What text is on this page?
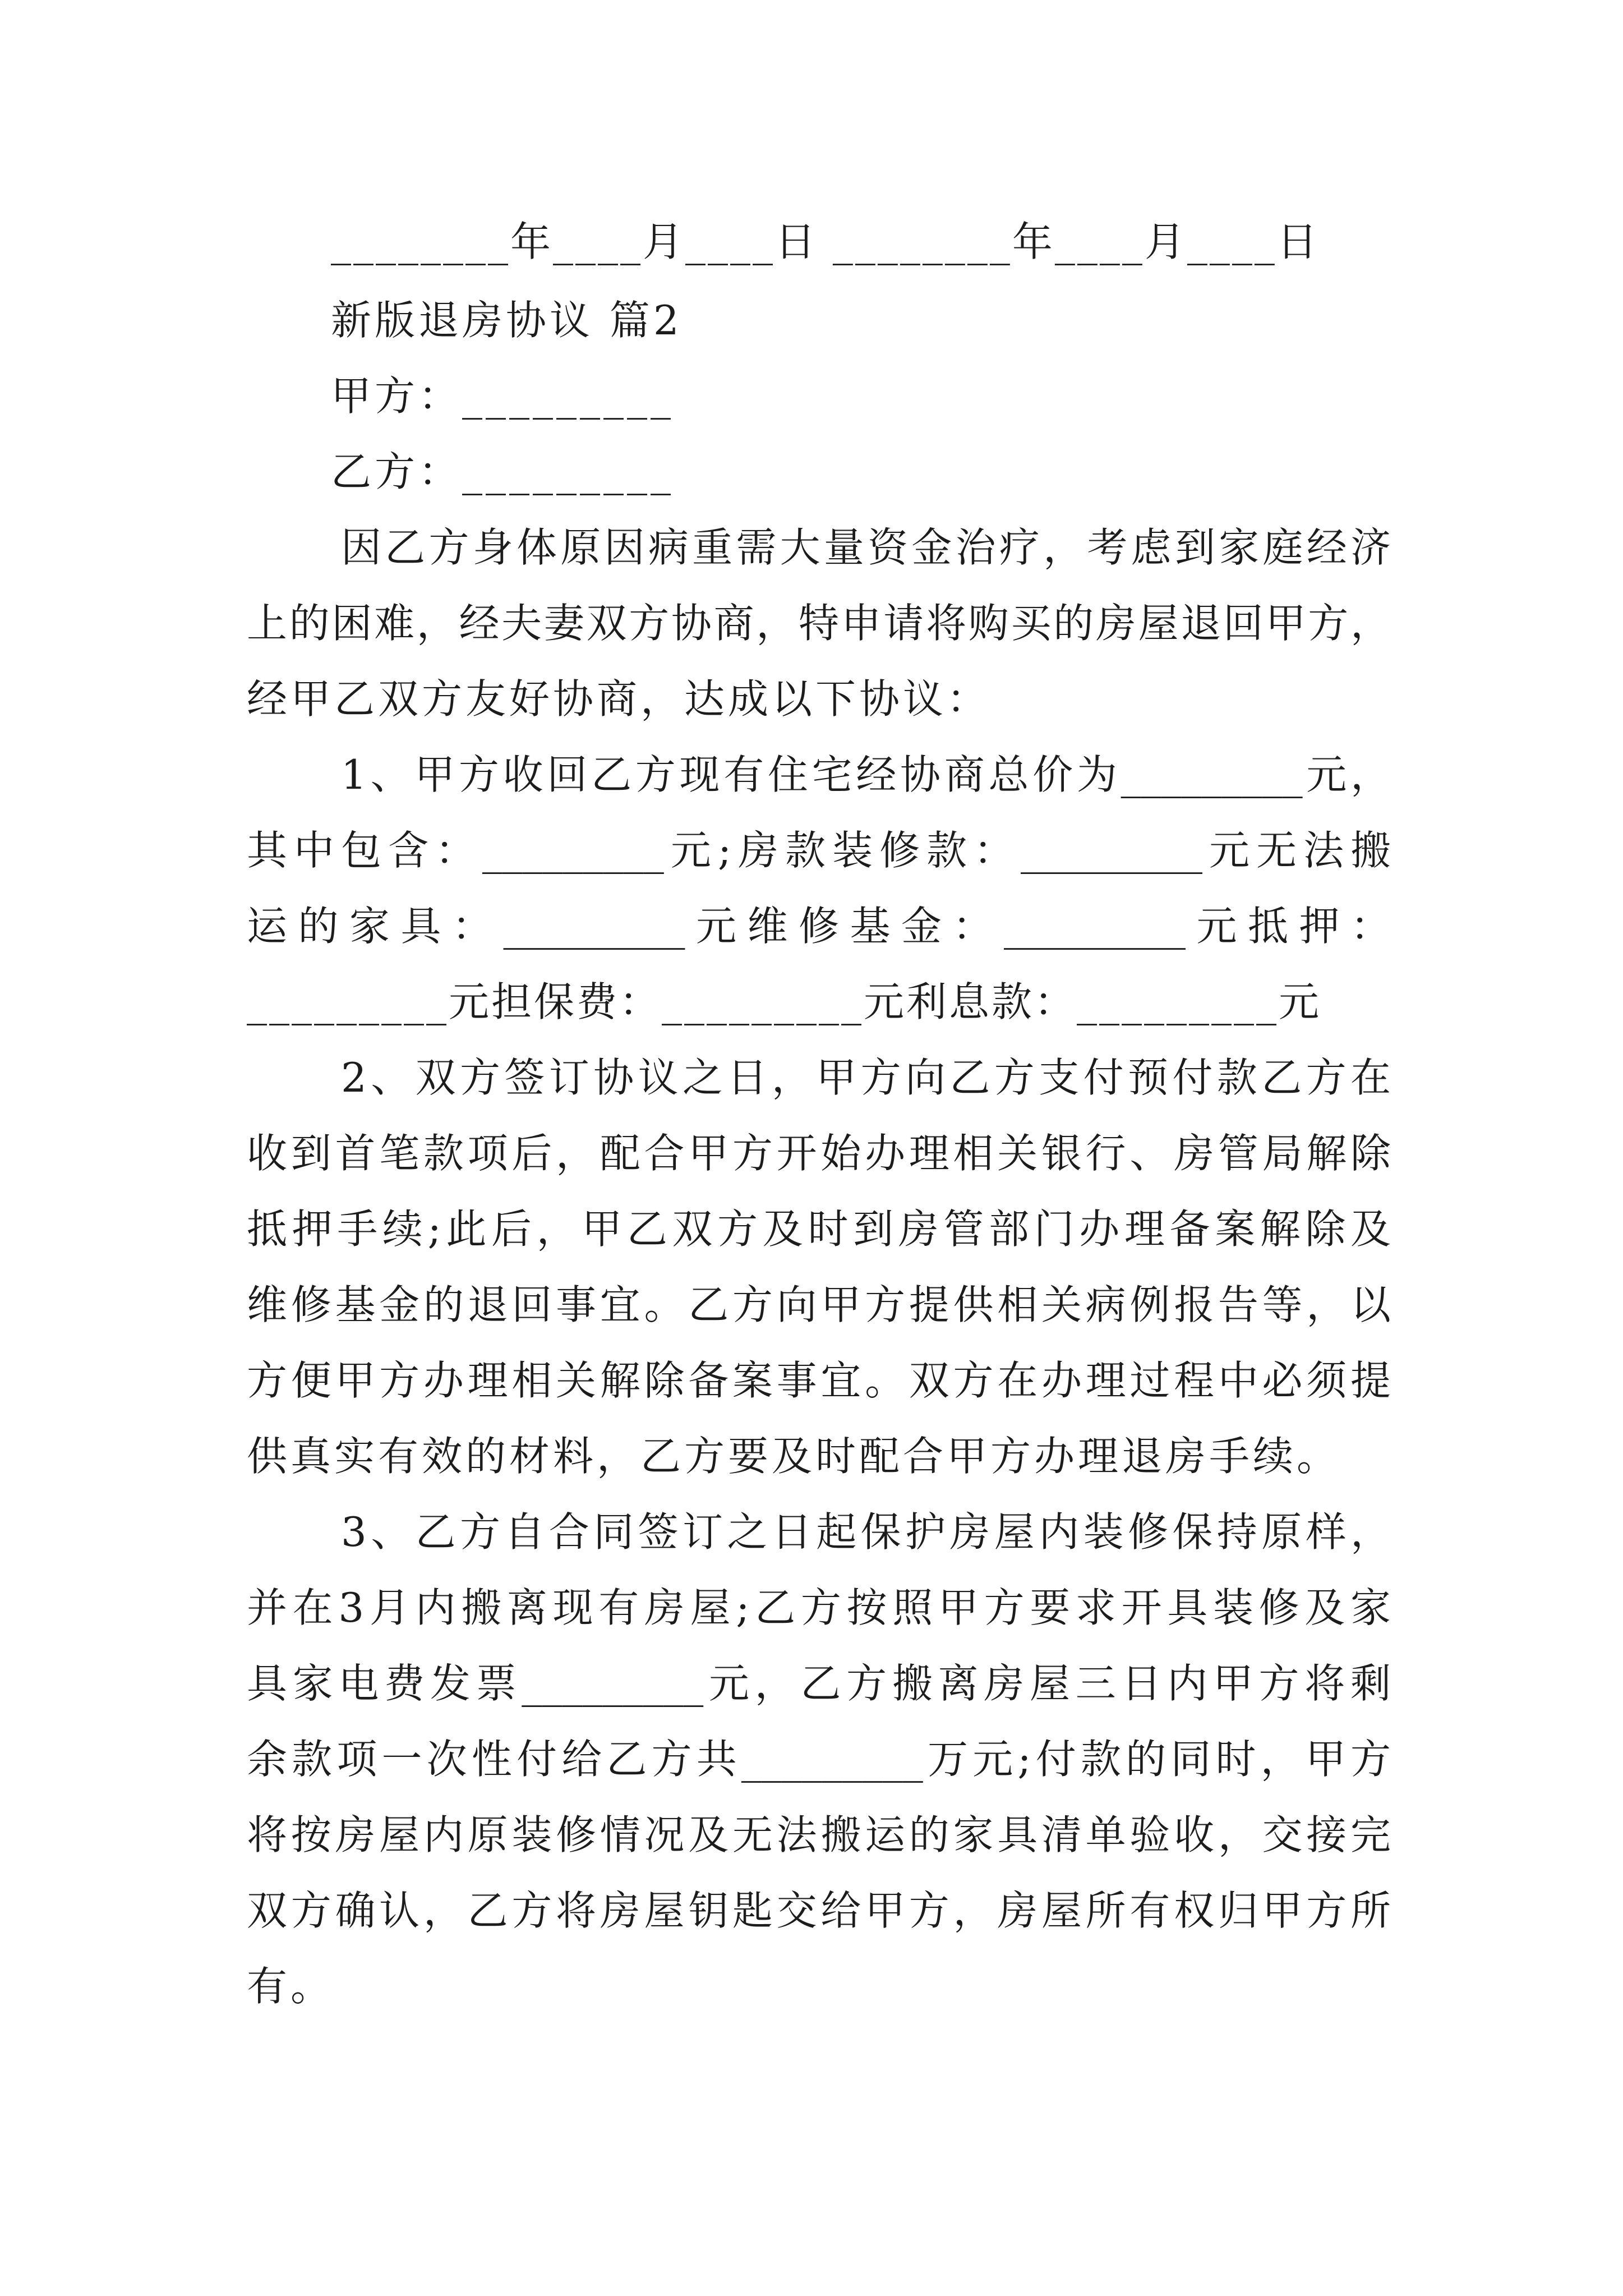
________年____月____日 ________年____月____日
新版退房协议 篇2
甲方：_________
乙方：_________
因乙方身体原因病重需大量资金治疗，考虑到家庭经济
上的困难，经夫妻双方协商，特申请将购买的房屋退回甲方，
经甲乙双方友好协商，达成以下协议：
1、甲方收回乙方现有住宅经协商总价为_________元，
其中包含：_________元;房款装修款：_________元无法搬
运的家具：_________元维修基金：_________元抵押：
_________元担保费：_________元利息款：_________元
2、双方签订协议之日，甲方向乙方支付预付款乙方在
收到首笔款项后，配合甲方开始办理相关银行、房管局解除
抵押手续;此后，甲乙双方及时到房管部门办理备案解除及
维修基金的退回事宜。乙方向甲方提供相关病例报告等，以
方便甲方办理相关解除备案事宜。双方在办理过程中必须提
供真实有效的材料，乙方要及时配合甲方办理退房手续。
3、乙方自合同签订之日起保护房屋内装修保持原样，
并在3月内搬离现有房屋;乙方按照甲方要求开具装修及家
具家电费发票_________元，乙方搬离房屋三日内甲方将剩
余款项一次性付给乙方共_________万元;付款的同时，甲方
将按房屋内原装修情况及无法搬运的家具清单验收，交接完
双方确认，乙方将房屋钥匙交给甲方，房屋所有权归甲方所
有。
